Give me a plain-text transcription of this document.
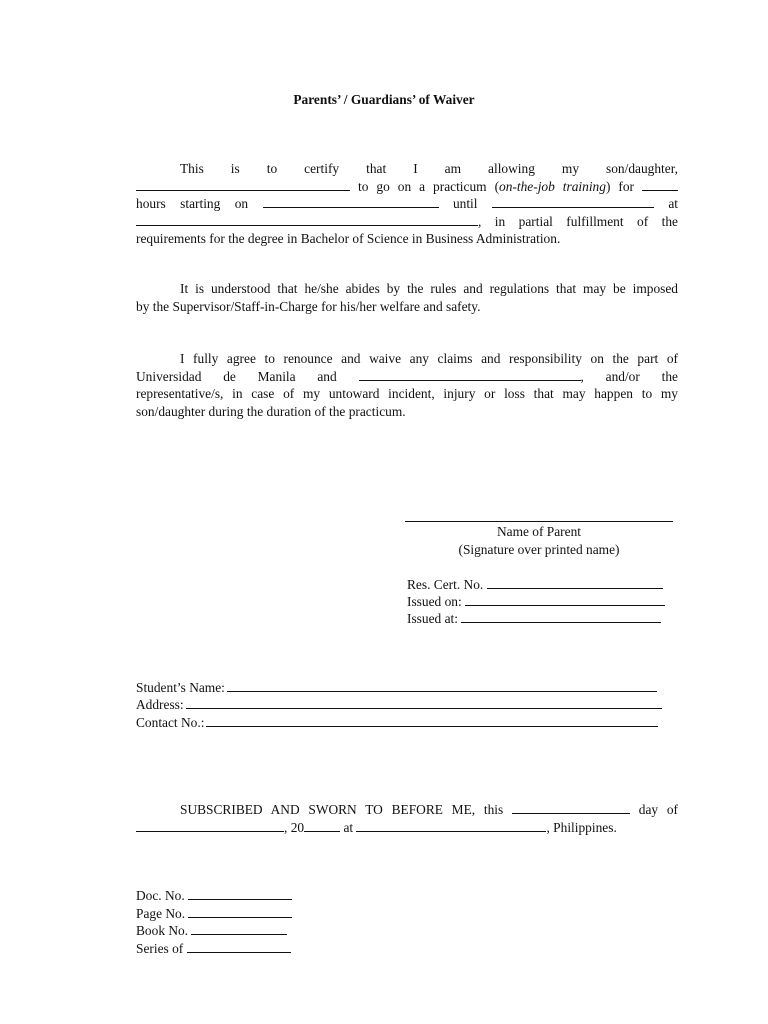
Parents’ / Guardians’ of Waiver
This is to certify that I am allowing my son/daughter,
to go on a practicum (on-the-job training) for
hours starting on	until	at
, in partial fulfillment of the
requirements for the degree in Bachelor of Science in Business Administration.
It is understood that he/she abides by the rules and regulations that may be imposed
by the Supervisor/Staff-in-Charge for his/her welfare and safety.
I fully agree to renounce and waive any claims and responsibility on the part of
Universidad de Manila and	, and/or the
representative/s, in case of my untoward incident, injury or loss that may happen to my
son/daughter during the duration of the practicum.
Name of Parent
(Signature over printed name)
Res. Cert. No.
Issued on:
Issued at:
Student’s Name:
Address:
Contact No.:
SUBSCRIBED AND SWORN TO BEFORE ME, this	day of
, 20	at	, Philippines.
Doc. No.
Page No.
Book No.
Series of
